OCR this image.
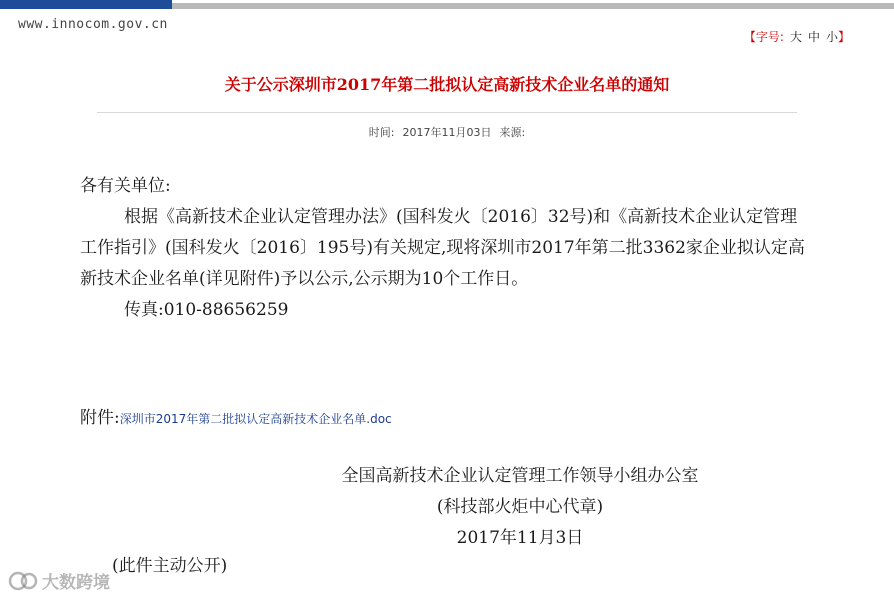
www.innocom.gov.cn
【字号: 大 中 小】
关于公示深圳市2017年第二批拟认定高新技术企业名单的通知
时间: 2017年11月03日 来源:

各有关单位:

根据《高新技术企业认定管理办法》(国科发火〔2016〕32号)和《高新技术企业认定管理工作指引》(国科发火〔2016〕195号)有关规定,现将深圳市2017年第二批3362家企业拟认定高新技术企业名单(详见附件)予以公示,公示期为10个工作日。

传真:010-88656259

附件:深圳市2017年第二批拟认定高新技术企业名单.doc

全国高新技术企业认定管理工作领导小组办公室

(科技部火炬中心代章)

2017年11月3日

(此件主动公开)
大数跨境
